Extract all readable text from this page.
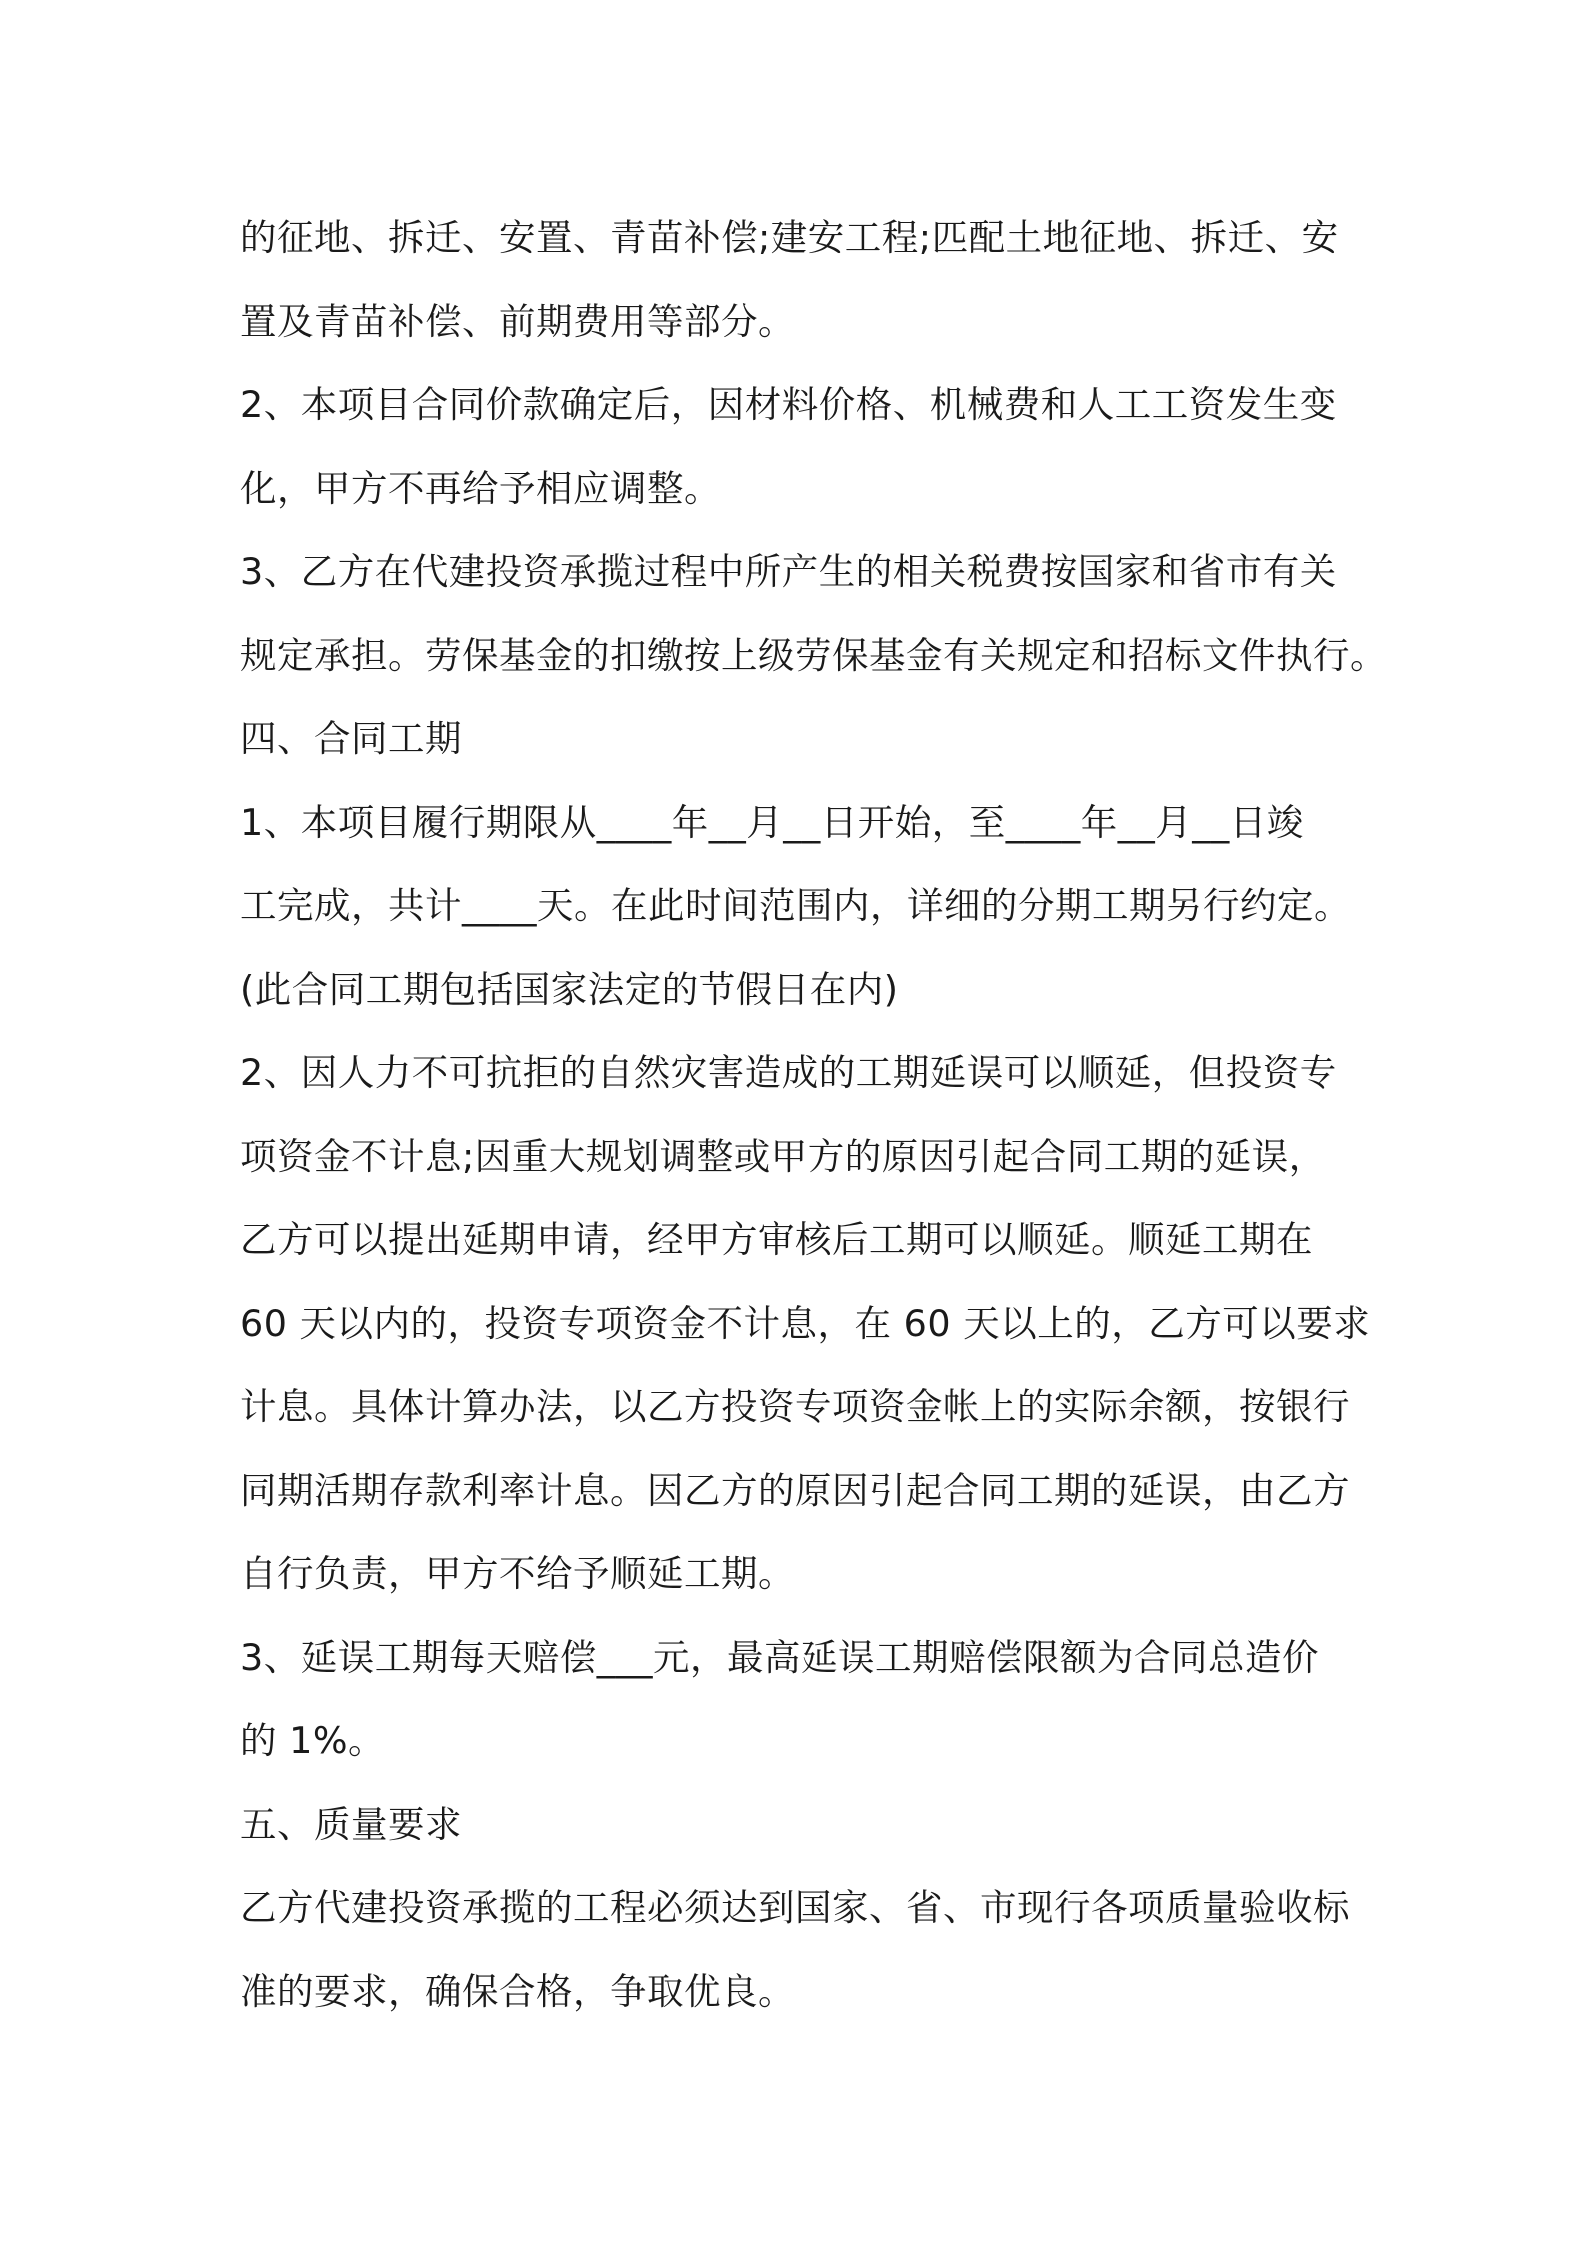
的征地、拆迁、安置、青苗补偿;建安工程;匹配土地征地、拆迁、安
置及青苗补偿、前期费用等部分。
2、本项目合同价款确定后，因材料价格、机械费和人工工资发生变
化，甲方不再给予相应调整。
3、乙方在代建投资承揽过程中所产生的相关税费按国家和省市有关
规定承担。劳保基金的扣缴按上级劳保基金有关规定和招标文件执行。
四、合同工期
1、本项目履行期限从____年__月__日开始，至____年__月__日竣
工完成，共计____天。在此时间范围内，详细的分期工期另行约定。
(此合同工期包括国家法定的节假日在内)
2、因人力不可抗拒的自然灾害造成的工期延误可以顺延，但投资专
项资金不计息;因重大规划调整或甲方的原因引起合同工期的延误，
乙方可以提出延期申请，经甲方审核后工期可以顺延。顺延工期在
60 天以内的，投资专项资金不计息，在 60 天以上的，乙方可以要求
计息。具体计算办法，以乙方投资专项资金帐上的实际余额，按银行
同期活期存款利率计息。因乙方的原因引起合同工期的延误，由乙方
自行负责，甲方不给予顺延工期。
3、延误工期每天赔偿___元，最高延误工期赔偿限额为合同总造价
的 1%。
五、质量要求
乙方代建投资承揽的工程必须达到国家、省、市现行各项质量验收标
准的要求，确保合格，争取优良。
